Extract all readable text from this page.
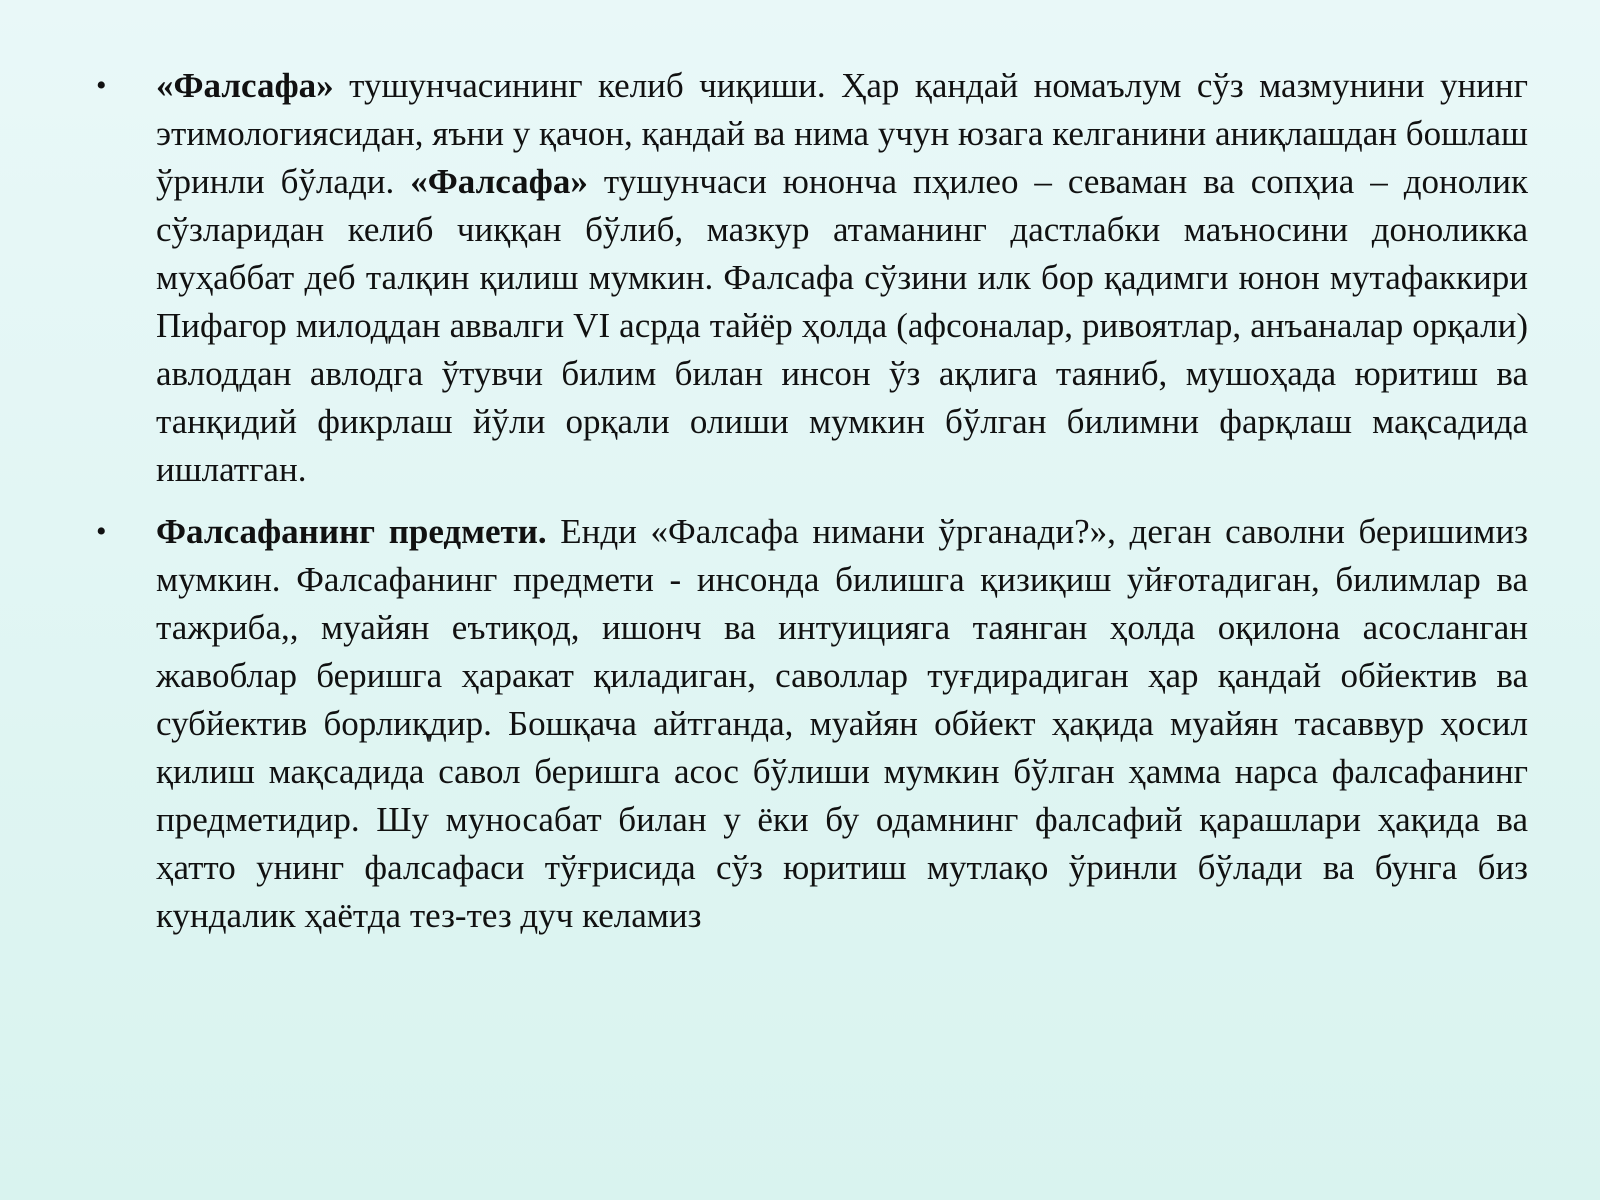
• «Фалсафа» тушунчасининг келиб чиқиши. Ҳар қандай номаълум сўз мазмунини унинг этимологиясидан, яъни у қачон, қандай ва нима учун юзага келганини аниқлашдан бошлаш ўринли бўлади. «Фалсафа» тушунчаси юнонча пҳилео – севаман ва сопҳиа – донолик сўзларидан келиб чиққан бўлиб, мазкур атаманинг дастлабки маъносини доноликка муҳаббат деб талқин қилиш мумкин. Фалсафа сўзини илк бор қадимги юнон мутафаккири Пифагор милоддан аввалги VI асрда тайёр ҳолда (афсоналар, ривоятлар, анъаналар орқали) авлоддан авлодга ўтувчи билим билан инсон ўз ақлига таяниб, мушоҳада юритиш ва танқидий фикрлаш йўли орқали олиши мумкин бўлган билимни фарқлаш мақсадида ишлатган.
• Фалсафанинг предмети. Енди «Фалсафа нимани ўрганади?», деган саволни беришимиз мумкин. Фалсафанинг предмети - инсонда билишга қизиқиш уйғотадиган, билимлар ва тажриба,, муайян еътиқод, ишонч ва интуицияга таянган ҳолда оқилона асосланган жавоблар беришга ҳаракат қиладиган, саволлар туғдирадиган ҳар қандай обйектив ва субйектив борлиқдир. Бошқача айтганда, муайян обйект ҳақида муайян тасаввур ҳосил қилиш мақсадида савол беришга асос бўлиши мумкин бўлган ҳамма нарса фалсафанинг предметидир. Шу муносабат билан у ёки бу одамнинг фалсафий қарашлари ҳақида ва ҳатто унинг фалсафаси тўғрисида сўз юритиш мутлақо ўринли бўлади ва бунга биз кундалик ҳаётда тез-тез дуч келамиз
